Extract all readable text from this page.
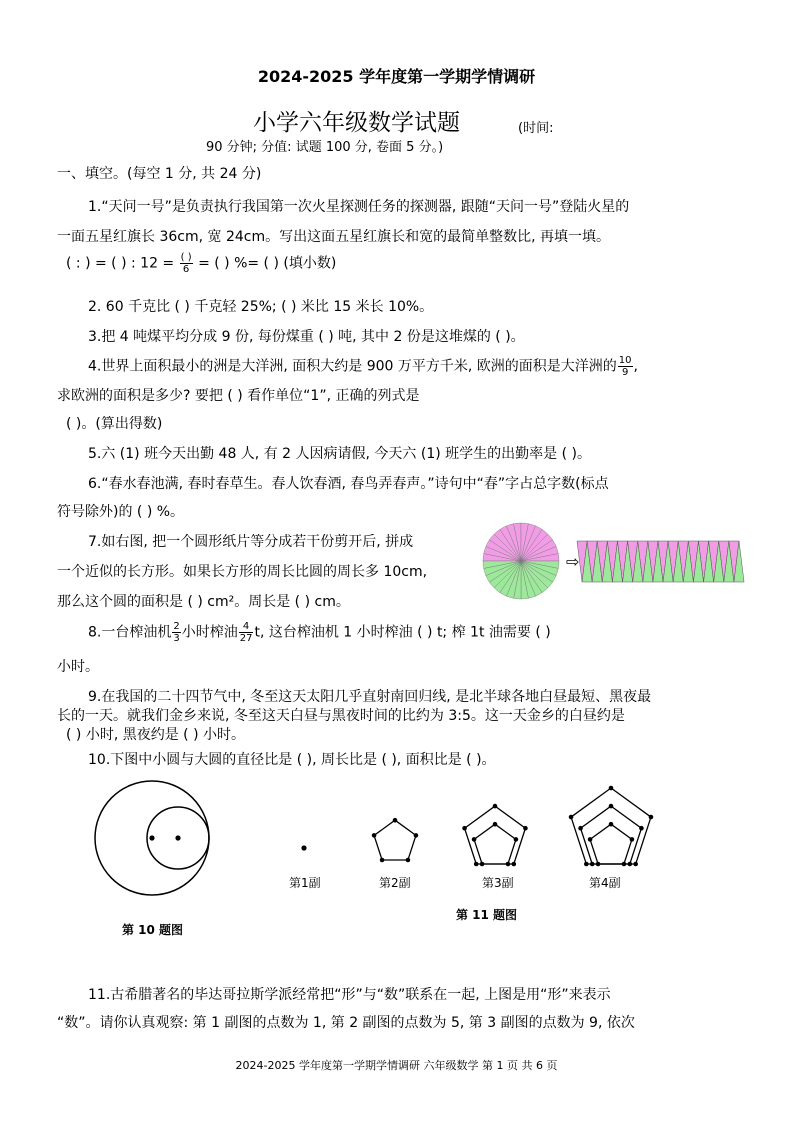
2024-2025 学年度第一学期学情调研
小学六年级数学试题	(时间:
90 分钟; 分值: 试题 100 分, 卷面 5 分。)
一、填空。(每空 1 分, 共 24 分)
1.“天问一号”是负责执行我国第一次火星探测任务的探测器, 跟随“天问一号”登陆火星的
一面五星红旗长 36cm, 宽 24cm。写出这面五星红旗长和宽的最简单整数比, 再填一填。
( : ) = ( ) : $12 = \frac{( )}{6}$ = ( ) %= ( ) (填小数)
2. 60 千克比 ( ) 千克轻 25%; ( ) 米比 15 米长 10%。
3.把 4 吨煤平均分成 9 份, 每份煤重 ( ) 吨, 其中 2 份是这堆煤的 ( )。
4.世界上面积最小的洲是大洋洲, 面积大约是 900 万平方千米, 欧洲的面积是大洋洲的 $\frac{10}{9}$ ,
求欧洲的面积是多少? 要把 ( ) 看作单位“1”, 正确的列式是
( )。(算出得数)
5.六 (1) 班今天出勤 48 人, 有 2 人因病请假, 今天六 (1) 班学生的出勤率是 ( )。
6.“春水春池满, 春时春草生。春人饮春酒, 春鸟弄春声。”诗句中“春”字占总字数(标点
符号除外)的 ( ) %。
7.如右图, 把一个圆形纸片等分成若干份剪开后, 拼成
一个近似的长方形。如果长方形的周长比圆的周长多 10cm,
那么这个圆的面积是 ( ) cm²。周长是 ( ) cm。
⇨
8.一台榨油机 $\frac{2}{3}$ 小时榨油 $\frac{4}{27} t$, 这台榨油机 1 小时榨油 ( ) t; 榨 1t 油需要 ( )
小时。
9.在我国的二十四节气中, 冬至这天太阳几乎直射南回归线, 是北半球各地白昼最短、黑夜最
长的一天。就我们金乡来说, 冬至这天白昼与黑夜时间的比约为 3:5。这一天金乡的白昼约是
( ) 小时, 黑夜约是 ( ) 小时。
10.下图中小圆与大圆的直径比是 ( ), 周长比是 ( ), 面积比是 ( )。
第 10 题图
第1副	第2副	第3副	第4副
第 11 题图
11.古希腊著名的毕达哥拉斯学派经常把“形”与“数”联系在一起, 上图是用“形”来表示
“数”。请你认真观察: 第 1 副图的点数为 1, 第 2 副图的点数为 5, 第 3 副图的点数为 9, 依次
2024-2025 学年度第一学期学情调研 六年级数学 第 1 页 共 6 页
